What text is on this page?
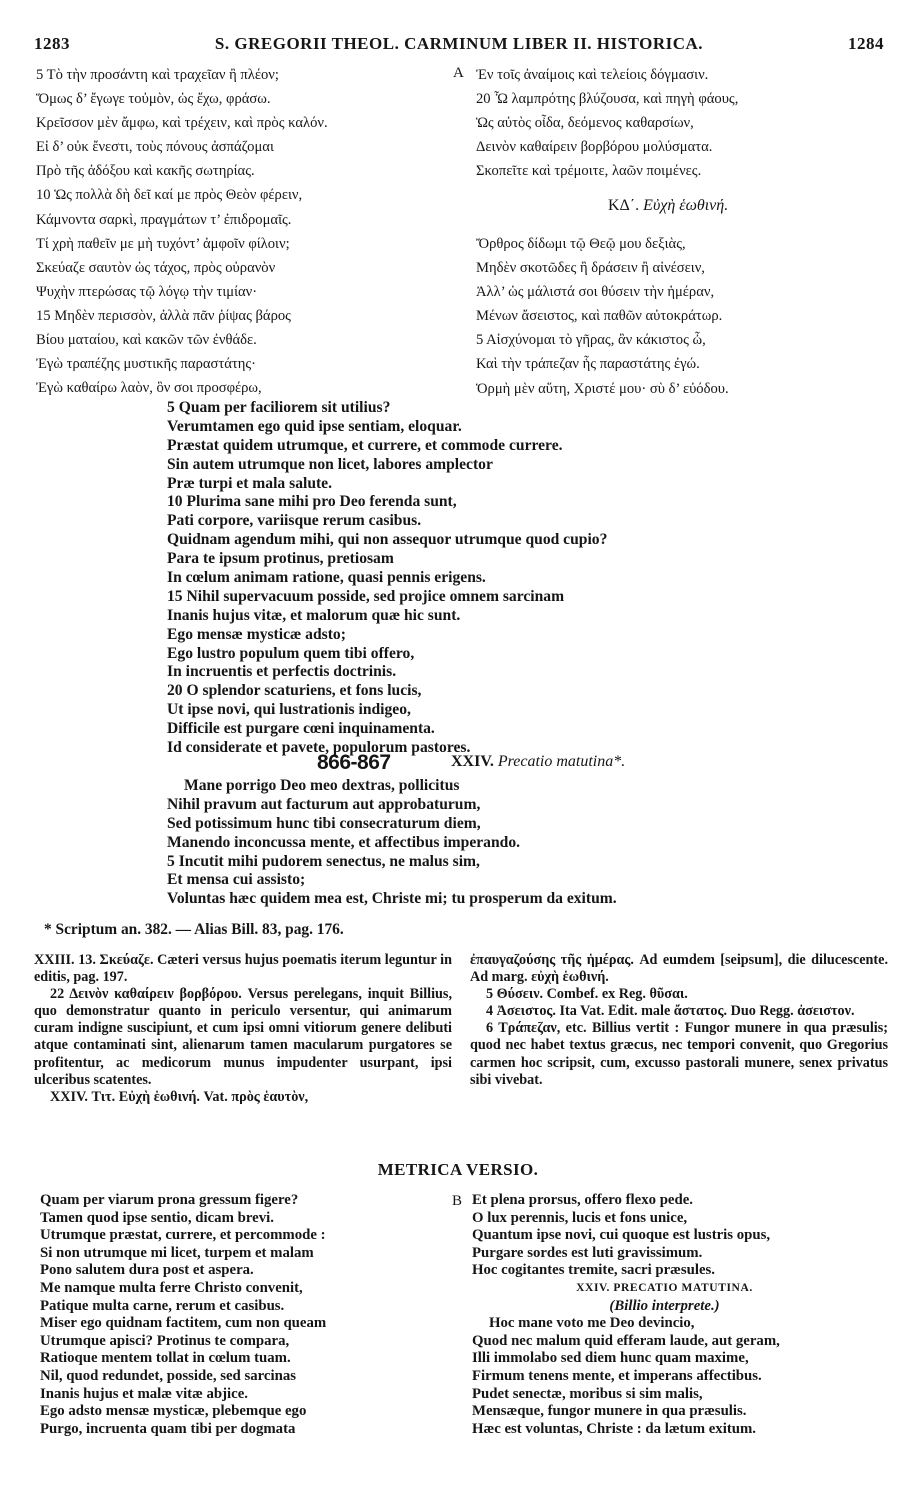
1283	S. GREGORII THEOL. CARMINUM LIBER II. HISTORICA.	1284
A
5 Τὸ τὴν προσάντη καὶ τραχεῖαν ἢ πλέον;
Ὅμως δ’ ἔγωγε τοὐμὸν, ὡς ἔχω, φράσω.
Κρεῖσσον μὲν ἄμφω, καὶ τρέχειν, καὶ πρὸς καλόν.
Εἰ δ’ οὐκ ἔνεστι, τοὺς πόνους ἀσπάζομαι
Πρὸ τῆς ἀδόξου καὶ κακῆς σωτηρίας.
10 Ὡς πολλὰ δὴ δεῖ καί με πρὸς Θεὸν φέρειν,
Κάμνοντα σαρκὶ, πραγμάτων τ’ ἐπιδρομαῖς.
Τί χρὴ παθεῖν με μὴ τυχόντ’ ἀμφοῖν φίλοιν;
Σκεύαζε σαυτὸν ὡς τάχος, πρὸς οὐρανὸν
Ψυχὴν πτερώσας τῷ λόγῳ τὴν τιμίαν·
15 Μηδὲν περισσὸν, ἀλλὰ πᾶν ῥίψας βάρος
Βίου ματαίου, καὶ κακῶν τῶν ἐνθάδε.
Ἐγὼ τραπέζης μυστικῆς παραστάτης·
Ἐγὼ καθαίρω λαὸν, ὃν σοι προσφέρω,
Ἐν τοῖς ἀναίμοις καὶ τελείοις δόγμασιν.
20 Ὦ λαμπρότης βλύζουσα, καὶ πηγὴ φάους,
Ὡς αὐτὸς οἶδα, δεόμενος καθαρσίων,
Δεινὸν καθαίρειν βορβόρου μολύσματα.
Σκοπεῖτε καὶ τρέμοιτε, λαῶν ποιμένες.
ΚΔ΄. Εὐχὴ ἑωθινή.
Ὄρθρος δίδωμι τῷ Θεῷ μου δεξιὰς,
Μηδὲν σκοτῶδες ἢ δράσειν ἢ αἰνέσειν,
Ἀλλ’ ὡς μάλιστά σοι θύσειν τὴν ἡμέραν,
Μένων ἄσειστος, καὶ παθῶν αὐτοκράτωρ.
5 Αἰσχύνομαι τὸ γῆρας, ἂν κάκιστος ὦ,
Καὶ τὴν τράπεζαν ἧς παραστάτης ἐγώ.
Ὁρμὴ μὲν αὕτη, Χριστέ μου· σὺ δ’ εὐόδου.
5 Quam per faciliorem sit utilius?
Verumtamen ego quid ipse sentiam, eloquar.
Præstat quidem utrumque, et currere, et commode currere.
Sin autem utrumque non licet, labores amplector
Præ turpi et mala salute.
10 Plurima sane mihi pro Deo ferenda sunt,
Pati corpore, variisque rerum casibus.
Quidnam agendum mihi, qui non assequor utrumque quod cupio?
Para te ipsum protinus, pretiosam
In cœlum animam ratione, quasi pennis erigens.
15 Nihil supervacuum posside, sed projice omnem sarcinam
Inanis hujus vitæ, et malorum quæ hic sunt.
Ego mensæ mysticæ adsto;
Ego lustro populum quem tibi offero,
In incruentis et perfectis doctrinis.
20 O splendor scaturiens, et fons lucis,
Ut ipse novi, qui lustrationis indigeo,
Difficile est purgare cœni inquinamenta.
Id considerate et pavete, populorum pastores.
866-867	XXIV. Precatio matutina*.
Mane porrigo Deo meo dextras, pollicitus
Nihil pravum aut facturum aut approbaturum,
Sed potissimum hunc tibi consecraturum diem,
Manendo inconcussa mente, et affectibus imperando.
5 Incutit mihi pudorem senectus, ne malus sim,
Et mensa cui assisto;
Voluntas hæc quidem mea est, Christe mi; tu prosperum da exitum.
* Scriptum an. 382. — Alias Bill. 83, pag. 176.

XXIII. 13. Σκεύαζε. Cæteri versus hujus poematis iterum leguntur in editis, pag. 197.

22 Δεινὸν καθαίρειν βορβόρου. Versus perelegans, inquit Billius, quo demonstratur quanto in periculo versentur, qui animarum curam indigne suscipiunt, et cum ipsi omni vitiorum genere delibuti atque contaminati sint, alienarum tamen macularum purgatores se profitentur, ac medicorum munus impudenter usurpant, ipsi ulceribus scatentes.

XXIV. Τιτ. Εὐχὴ ἑωθινή. Vat. πρὸς ἑαυτὸν,

ἐπαυγαζούσης τῆς ἡμέρας. Ad eumdem [seipsum], die dilucescente. Ad marg. εὐχὴ ἑωθινή.

5 Θύσειν. Combef. ex Reg. θῦσαι.

4 Ἀσειστος. Ita Vat. Edit. male ἄστατος. Duo Regg. ἀσειστον.

6 Τράπεζαν, etc. Billius vertit : Fungor munere in qua præsulis; quod nec habet textus græcus, nec tempori convenit, quo Gregorius carmen hoc scripsit, cum, excusso pastorali munere, senex privatus sibi vivebat.

METRICA VERSIO.
B
Quam per viarum prona gressum figere?
Tamen quod ipse sentio, dicam brevi.
Utrumque præstat, currere, et percommode :
Si non utrumque mi licet, turpem et malam
Pono salutem dura post et aspera.
Me namque multa ferre Christo convenit,
Patique multa carne, rerum et casibus.
Miser ego quidnam factitem, cum non queam
Utrumque apisci? Protinus te compara,
Ratioque mentem tollat in cœlum tuam.
Nil, quod redundet, posside, sed sarcinas
Inanis hujus et malæ vitæ abjice.
Ego adsto mensæ mysticæ, plebemque ego
Purgo, incruenta quam tibi per dogmata
Et plena prorsus, offero flexo pede.
O lux perennis, lucis et fons unice,
Quantum ipse novi, cui quoque est lustris opus,
Purgare sordes est luti gravissimum.
Hoc cogitantes tremite, sacri præsules.
XXIV. PRECATIO MATUTINA.
(Billio interprete.)
Hoc mane voto me Deo devincio,
Quod nec malum quid efferam laude, aut geram,
Illi immolabo sed diem hunc quam maxime,
Firmum tenens mente, et imperans affectibus.
Pudet senectæ, moribus si sim malis,
Mensæque, fungor munere in qua præsulis.
Hæc est voluntas, Christe : da lætum exitum.
